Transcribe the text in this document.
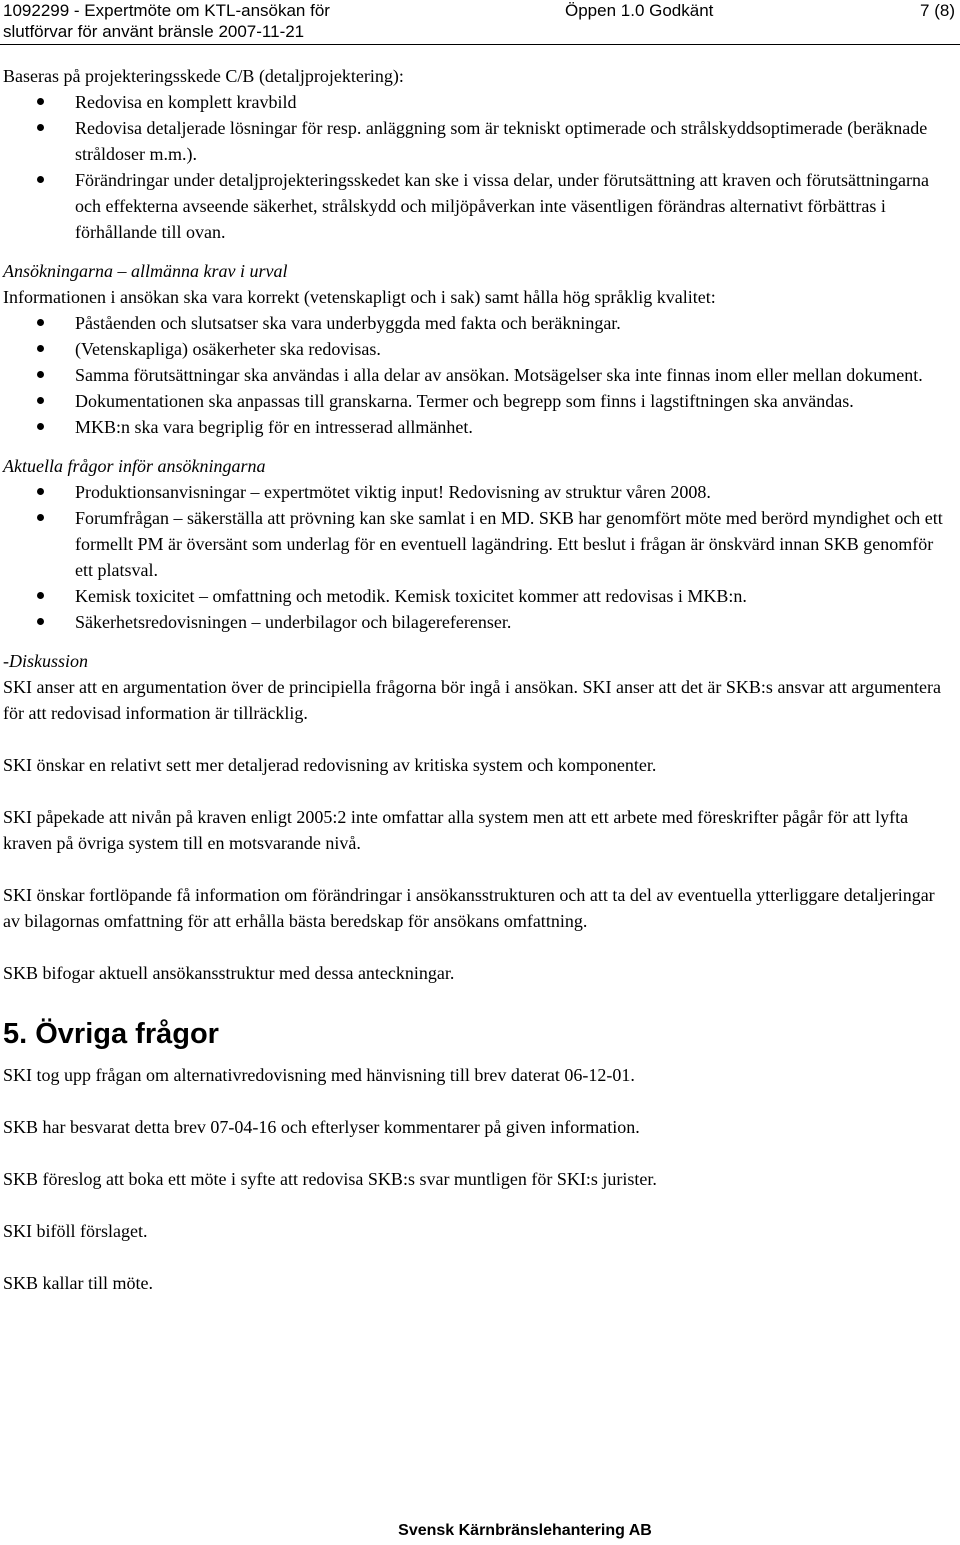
1092299 - Expertmöte om KTL-ansökan för	Öppen 1.0 Godkänt	7 (8)
slutförvar för använt bränsle 2007-11-21

Baseras på projekteringsskede C/B (detaljprojektering):

Redovisa en komplett kravbild
Redovisa detaljerade lösningar för resp. anläggning som är tekniskt optimerade och strålskyddsoptimerade (beräknade stråldoser m.m.).
Förändringar under detaljprojekteringsskedet kan ske i vissa delar, under förutsättning att kraven och förutsättningarna och effekterna avseende säkerhet, strålskydd och miljöpåverkan inte väsentligen förändras alternativt förbättras i förhållande till ovan.

Ansökningarna – allmänna krav i urval

Informationen i ansökan ska vara korrekt (vetenskapligt och i sak) samt hålla hög språklig kvalitet:

Påståenden och slutsatser ska vara underbyggda med fakta och beräkningar.
(Vetenskapliga) osäkerheter ska redovisas.
Samma förutsättningar ska användas i alla delar av ansökan. Motsägelser ska inte finnas inom eller mellan dokument.
Dokumentationen ska anpassas till granskarna. Termer och begrepp som finns i lagstiftningen ska användas.
MKB:n ska vara begriplig för en intresserad allmänhet.

Aktuella frågor inför ansökningarna

Produktionsanvisningar – expertmötet viktig input! Redovisning av struktur våren 2008.
Forumfrågan – säkerställa att prövning kan ske samlat i en MD. SKB har genomfört möte med berörd myndighet och ett formellt PM är översänt som underlag för en eventuell lagändring. Ett beslut i frågan är önskvärd innan SKB genomför ett platsval.
Kemisk toxicitet – omfattning och metodik. Kemisk toxicitet kommer att redovisas i MKB:n.
Säkerhetsredovisningen – underbilagor och bilagereferenser.

-Diskussion

SKI anser att en argumentation över de principiella frågorna bör ingå i ansökan. SKI anser att det är SKB:s ansvar att argumentera för att redovisad information är tillräcklig.

SKI önskar en relativt sett mer detaljerad redovisning av kritiska system och komponenter.

SKI påpekade att nivån på kraven enligt 2005:2 inte omfattar alla system men att ett arbete med föreskrifter pågår för att lyfta kraven på övriga system till en motsvarande nivå.

SKI önskar fortlöpande få information om förändringar i ansökansstrukturen och att ta del av eventuella ytterliggare detaljeringar av bilagornas omfattning för att erhålla bästa beredskap för ansökans omfattning.

SKB bifogar aktuell ansökansstruktur med dessa anteckningar.

5. Övriga frågor

SKI tog upp frågan om alternativredovisning med hänvisning till brev daterat 06-12-01.

SKB har besvarat detta brev 07-04-16 och efterlyser kommentarer på given information.

SKB föreslog att boka ett möte i syfte att redovisa SKB:s svar muntligen för SKI:s jurister.

SKI biföll förslaget.

SKB kallar till möte.

Svensk Kärnbränslehantering AB
